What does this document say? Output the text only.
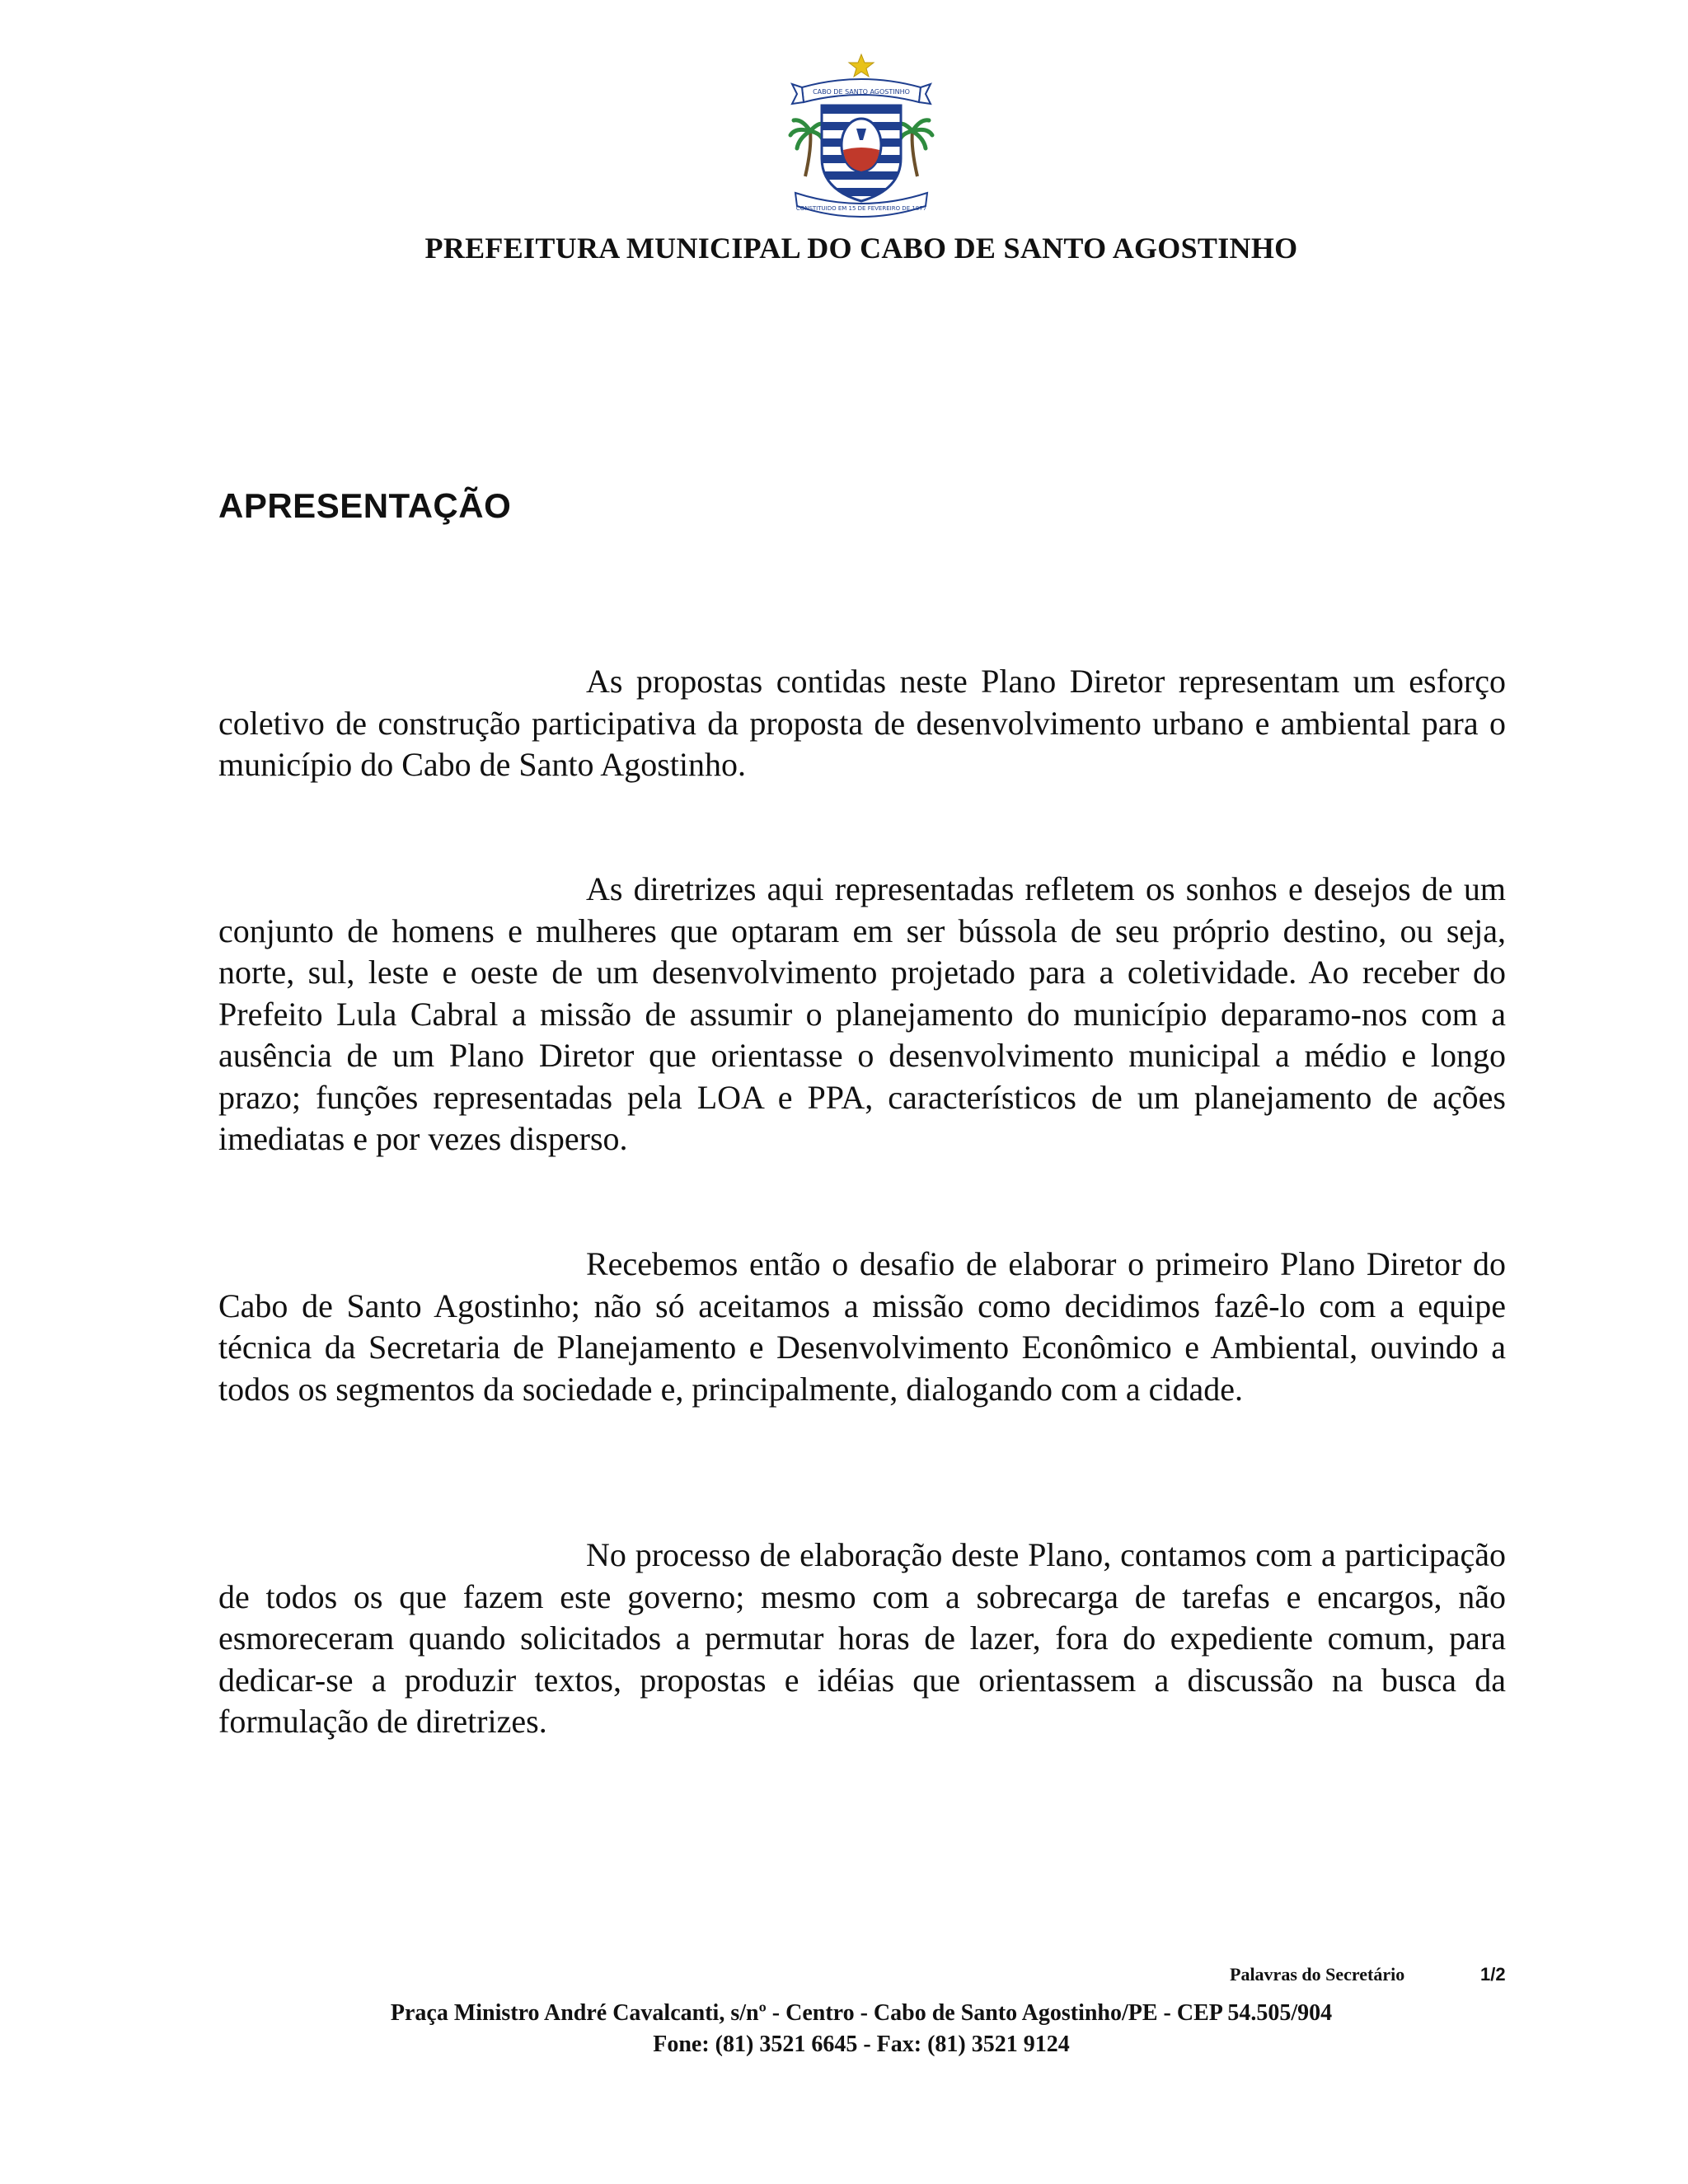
CONSTITUIDO EM 15 DE FEVEREIRO DE 1877
CABO DE SANTO AGOSTINHO
PREFEITURA MUNICIPAL DO CABO DE SANTO AGOSTINHO
APRESENTAÇÃO

As propostas contidas neste Plano Diretor representam um esforço coletivo de construção participativa da proposta de desenvolvimento urbano e ambiental para o município do Cabo de Santo Agostinho.

As diretrizes aqui representadas refletem os sonhos e desejos de um conjunto de homens e mulheres que optaram em ser bússola de seu próprio destino, ou seja, norte, sul, leste e oeste de um desenvolvimento projetado para a coletividade. Ao receber do Prefeito Lula Cabral a missão de assumir o planejamento do município deparamo-nos com a ausência de um Plano Diretor que orientasse o desenvolvimento municipal a médio e longo prazo; funções representadas pela LOA e PPA, característicos de um planejamento de ações imediatas e por vezes disperso.

Recebemos então o desafio de elaborar o primeiro Plano Diretor do Cabo de Santo Agostinho; não só aceitamos a missão como decidimos fazê-lo com a equipe técnica da Secretaria de Planejamento e Desenvolvimento Econômico e Ambiental, ouvindo a todos os segmentos da sociedade e, principalmente, dialogando com a cidade.

No processo de elaboração deste Plano, contamos com a participação de todos os que fazem este governo; mesmo com a sobrecarga de tarefas e encargos, não esmoreceram quando solicitados a permutar horas de lazer, fora do expediente comum, para dedicar-se a produzir textos, propostas e idéias que orientassem a discussão na busca da formulação de diretrizes.

Palavras do Secretário	1/2
Praça Ministro André Cavalcanti, s/nº - Centro - Cabo de Santo Agostinho/PE - CEP 54.505/904
Fone: (81) 3521 6645 - Fax: (81) 3521 9124
